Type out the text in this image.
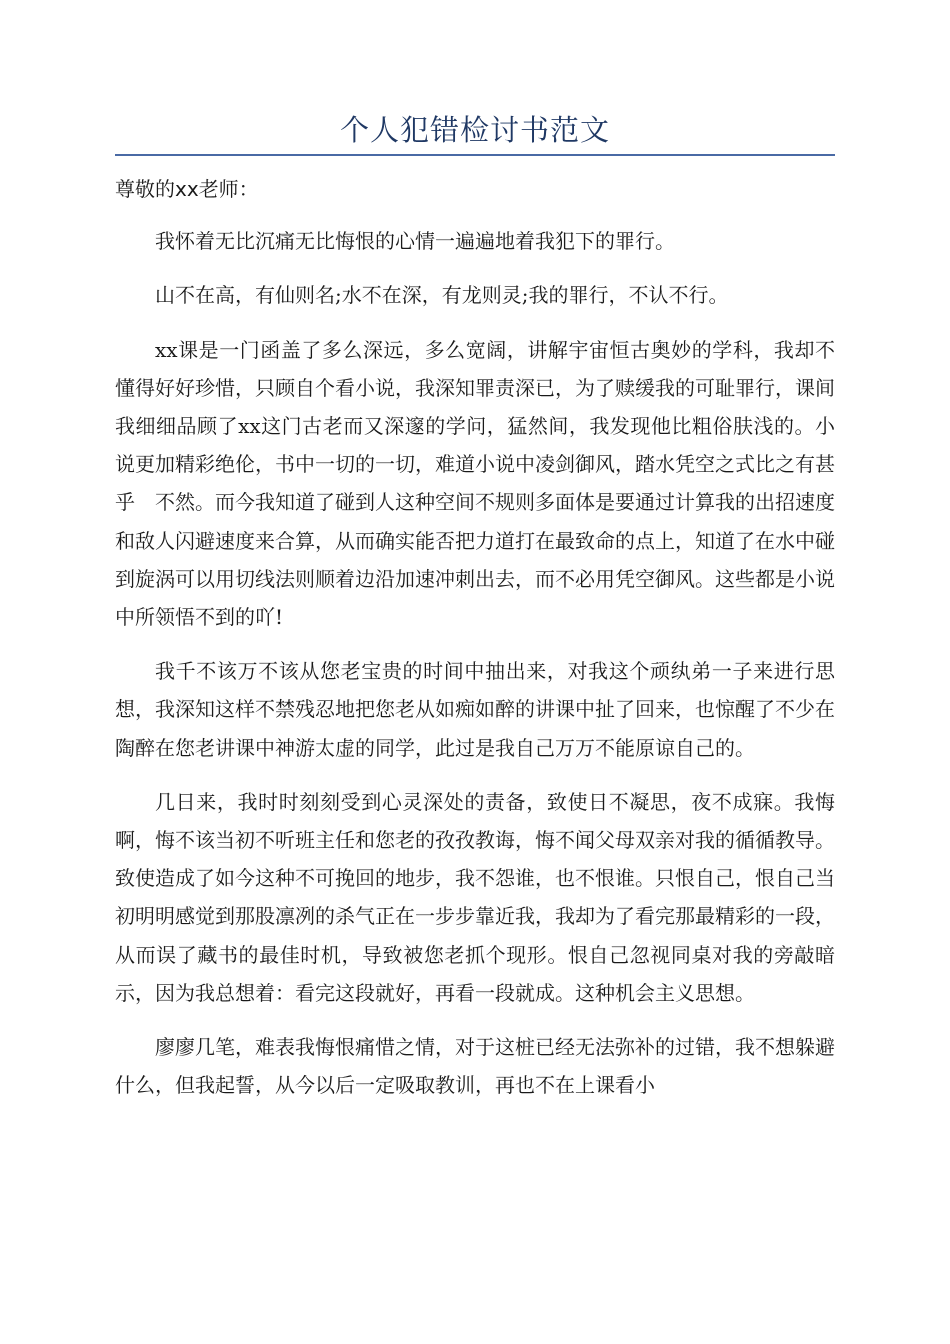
个人犯错检讨书范文

尊敬的xx老师：

我怀着无比沉痛无比悔恨的心情一遍遍地着我犯下的罪行。

山不在高，有仙则名;水不在深，有龙则灵;我的罪行，不认不行。

xx课是一门函盖了多么深远，多么宽阔，讲解宇宙恒古奥妙的学科，我却不懂得好好珍惜，只顾自个看小说，我深知罪责深已，为了赎缓我的可耻罪行，课间我细细品顾了xx这门古老而又深邃的学问，猛然间，我发现他比粗俗肤浅的。小说更加精彩绝伦，书中一切的一切，难道小说中凌剑御风，踏水凭空之式比之有甚乎　不然。而今我知道了碰到人这种空间不规则多面体是要通过计算我的出招速度和敌人闪避速度来合算，从而确实能否把力道打在最致命的点上，知道了在水中碰到旋涡可以用切线法则顺着边沿加速冲刺出去，而不必用凭空御风。这些都是小说中所领悟不到的吖!

我千不该万不该从您老宝贵的时间中抽出来，对我这个顽纨弟一子来进行思想，我深知这样不禁残忍地把您老从如痴如醉的讲课中扯了回来，也惊醒了不少在陶醉在您老讲课中神游太虚的同学，此过是我自己万万不能原谅自己的。

几日来，我时时刻刻受到心灵深处的责备，致使日不凝思，夜不成寐。我悔啊，悔不该当初不听班主任和您老的孜孜教诲，悔不闻父母双亲对我的循循教导。致使造成了如今这种不可挽回的地步，我不怨谁，也不恨谁。只恨自己，恨自己当初明明感觉到那股凛冽的杀气正在一步步靠近我，我却为了看完那最精彩的一段，从而误了藏书的最佳时机，导致被您老抓个现形。恨自己忽视同桌对我的旁敲暗示，因为我总想着：看完这段就好，再看一段就成。这种机会主义思想。

廖廖几笔，难表我悔恨痛惜之情，对于这桩已经无法弥补的过错，我不想躲避什么，但我起誓，从今以后一定吸取教训，再也不在上课看小
